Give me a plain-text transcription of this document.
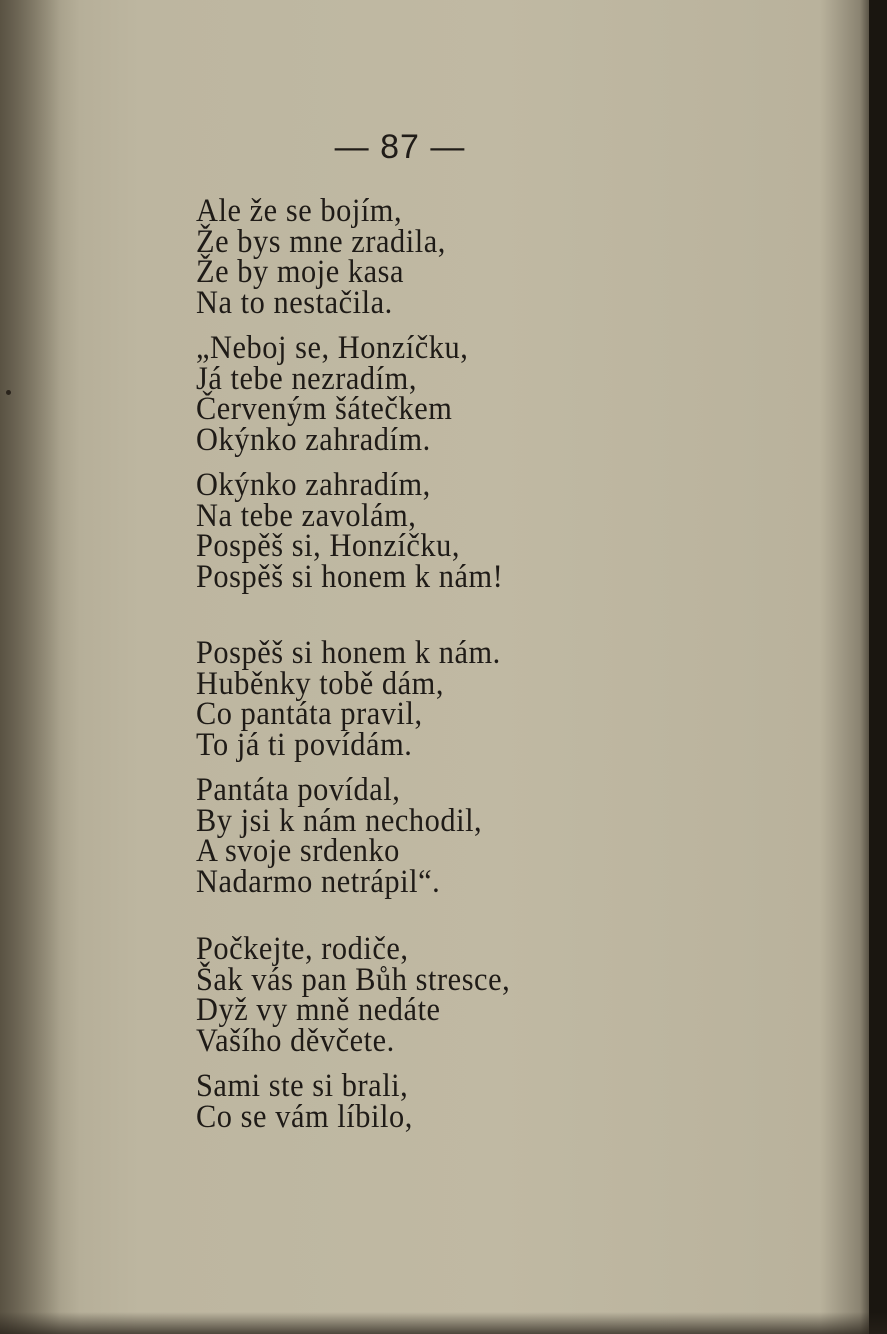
— 87 —
Ale že se bojím,
Že bys mne zradila,
Že by moje kasa
Na to nestačila.
„Neboj se, Honzíčku,
Já tebe nezradím,
Červeným šátečkem
Okýnko zahradím.
Okýnko zahradím,
Na tebe zavolám,
Pospěš si, Honzíčku,
Pospěš si honem k nám!
Pospěš si honem k nám.
Huběnky tobě dám,
Co pantáta pravil,
To já ti povídám.
Pantáta povídal,
By jsi k nám nechodil,
A svoje srdenko
Nadarmo netrápil“.
Počkejte, rodiče,
Šak vás pan Bůh stresce,
Dyž vy mně nedáte
Vašího děvčete.
Sami ste si brali,
Co se vám líbilo,
